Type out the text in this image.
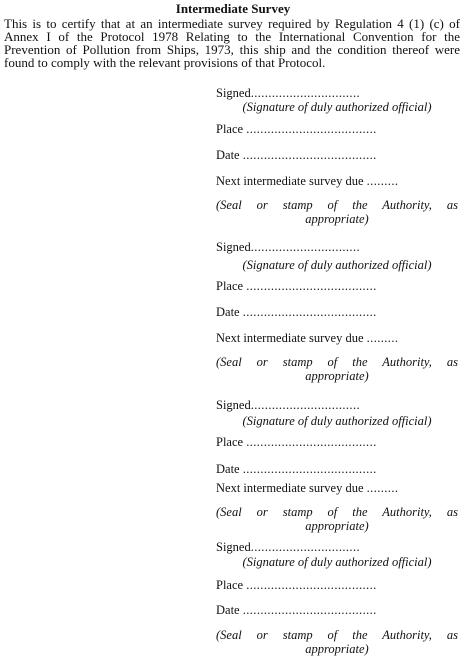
Intermediate Survey

This is to certify that at an intermediate survey required by Regulation 4 (1) (c) of Annex I of the Protocol 1978 Relating to the International Convention for the Prevention of Pollution from Ships, 1973, this ship and the condition thereof were found to comply with the relevant provisions of that Protocol.

Signed...............................
(Signature of duly authorized official)
Place .....................................
Date ......................................
Next intermediate survey due .........
(Seal or stamp of the Authority, as
appropriate)
Signed...............................
(Signature of duly authorized official)
Place .....................................
Date ......................................
Next intermediate survey due .........
(Seal or stamp of the Authority, as
appropriate)
Signed...............................
(Signature of duly authorized official)
Place .....................................
Date ......................................
Next intermediate survey due .........
(Seal or stamp of the Authority, as
appropriate)
Signed...............................
(Signature of duly authorized official)
Place .....................................
Date ......................................
(Seal or stamp of the Authority, as
appropriate)
